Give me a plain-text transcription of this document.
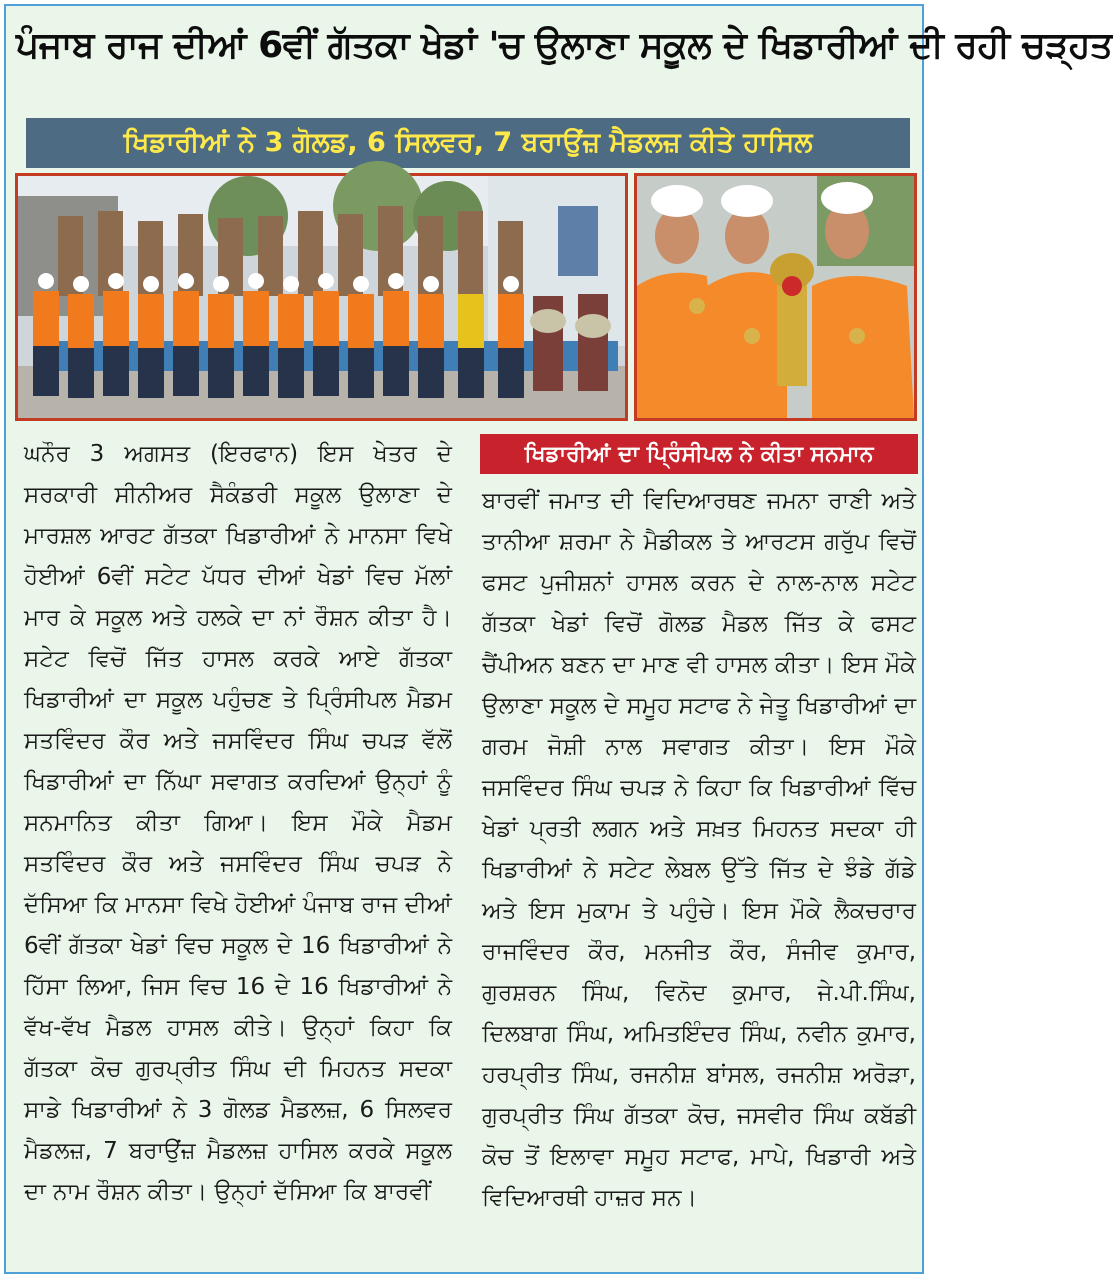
ਪੰਜਾਬ ਰਾਜ ਦੀਆਂ 6ਵੀਂ ਗੱਤਕਾ ਖੇਡਾਂ 'ਚ ਉਲਾਣਾ ਸਕੂਲ ਦੇ ਖਿਡਾਰੀਆਂ ਦੀ ਰਹੀ ਚੜ੍ਹਤ
ਖਿਡਾਰੀਆਂ ਨੇ 3 ਗੋਲਡ, 6 ਸਿਲਵਰ, 7 ਬਰਾਉਂਜ਼ ਮੈਡਲਜ਼ ਕੀਤੇ ਹਾਸਿਲ

ਘਨੌਰ 3 ਅਗਸਤ (ਇਰਫਾਨ) ਇਸ ਖੇਤਰ ਦੇ ਸਰਕਾਰੀ ਸੀਨੀਅਰ ਸੈਕੰਡਰੀ ਸਕੂਲ ਉਲਾਣਾ ਦੇ ਮਾਰਸ਼ਲ ਆਰਟ ਗੱਤਕਾ ਖਿਡਾਰੀਆਂ ਨੇ ਮਾਨਸਾ ਵਿਖੇ ਹੋਈਆਂ 6ਵੀਂ ਸਟੇਟ ਪੱਧਰ ਦੀਆਂ ਖੇਡਾਂ ਵਿਚ ਮੱਲਾਂ ਮਾਰ ਕੇ ਸਕੂਲ ਅਤੇ ਹਲਕੇ ਦਾ ਨਾਂ ਰੌਸ਼ਨ ਕੀਤਾ ਹੈ।ਸਟੇਟ ਵਿਚੋਂ ਜਿੱਤ ਹਾਸਲ ਕਰਕੇ ਆਏ ਗੱਤਕਾ ਖਿਡਾਰੀਆਂ ਦਾ ਸਕੂਲ ਪਹੁੰਚਣ ਤੇ ਪ੍ਰਿੰਸੀਪਲ ਮੈਡਮ ਸਤਵਿੰਦਰ ਕੌਰ ਅਤੇ ਜਸਵਿੰਦਰ ਸਿੰਘ ਚਪੜ ਵੱਲੋਂ ਖਿਡਾਰੀਆਂ ਦਾ ਨਿੱਘਾ ਸਵਾਗਤ ਕਰਦਿਆਂ ਉਨ੍ਹਾਂ ਨੂੰ ਸਨਮਾਨਿਤ ਕੀਤਾ ਗਿਆ। ਇਸ ਮੌਕੇ ਮੈਡਮ ਸਤਵਿੰਦਰ ਕੌਰ ਅਤੇ ਜਸਵਿੰਦਰ ਸਿੰਘ ਚਪੜ ਨੇ ਦੱਸਿਆ ਕਿ ਮਾਨਸਾ ਵਿਖੇ ਹੋਈਆਂ ਪੰਜਾਬ ਰਾਜ ਦੀਆਂ 6ਵੀਂ ਗੱਤਕਾ ਖੇਡਾਂ ਵਿਚ ਸਕੂਲ ਦੇ 16 ਖਿਡਾਰੀਆਂ ਨੇ ਹਿੱਸਾ ਲਿਆ, ਜਿਸ ਵਿਚ 16 ਦੇ 16 ਖਿਡਾਰੀਆਂ ਨੇ ਵੱਖ-ਵੱਖ ਮੈਡਲ ਹਾਸਲ ਕੀਤੇ। ਉਨ੍ਹਾਂ ਕਿਹਾ ਕਿ ਗੱਤਕਾ ਕੋਚ ਗੁਰਪ੍ਰੀਤ ਸਿੰਘ ਦੀ ਮਿਹਨਤ ਸਦਕਾ ਸਾਡੇ ਖਿਡਾਰੀਆਂ ਨੇ 3 ਗੋਲਡ ਮੈਡਲਜ਼, 6 ਸਿਲਵਰ ਮੈਡਲਜ਼, 7 ਬਰਾਉਂਜ਼ ਮੈਡਲਜ਼ ਹਾਸਿਲ ਕਰਕੇ ਸਕੂਲ ਦਾ ਨਾਮ ਰੌਸ਼ਨ ਕੀਤਾ। ਉਨ੍ਹਾਂ ਦੱਸਿਆ ਕਿ ਬਾਰਵੀਂ

ਖਿਡਾਰੀਆਂ ਦਾ ਪ੍ਰਿੰਸੀਪਲ ਨੇ ਕੀਤਾ ਸਨਮਾਨ

ਬਾਰਵੀਂ ਜਮਾਤ ਦੀ ਵਿਦਿਆਰਥਣ ਜਮਨਾ ਰਾਣੀ ਅਤੇ ਤਾਨੀਆ ਸ਼ਰਮਾ ਨੇ ਮੈਡੀਕਲ ਤੇ ਆਰਟਸ ਗਰੁੱਪ ਵਿਚੋਂ ਫਸਟ ਪੁਜੀਸ਼ਨਾਂ ਹਾਸਲ ਕਰਨ ਦੇ ਨਾਲ-ਨਾਲ ਸਟੇਟ ਗੱਤਕਾ ਖੇਡਾਂ ਵਿਚੋਂ ਗੋਲਡ ਮੈਡਲ ਜਿੱਤ ਕੇ ਫਸਟ ਚੈਂਪੀਅਨ ਬਣਨ ਦਾ ਮਾਣ ਵੀ ਹਾਸਲ ਕੀਤਾ। ਇਸ ਮੌਕੇ ਉਲਾਣਾ ਸਕੂਲ ਦੇ ਸਮੂਹ ਸਟਾਫ ਨੇ ਜੇਤੂ ਖਿਡਾਰੀਆਂ ਦਾ ਗਰਮ ਜੋਸ਼ੀ ਨਾਲ ਸਵਾਗਤ ਕੀਤਾ। ਇਸ ਮੌਕੇ ਜਸਵਿੰਦਰ ਸਿੰਘ ਚਪੜ ਨੇ ਕਿਹਾ ਕਿ ਖਿਡਾਰੀਆਂ ਵਿੱਚ ਖੇਡਾਂ ਪ੍ਰਤੀ ਲਗਨ ਅਤੇ ਸਖ਼ਤ ਮਿਹਨਤ ਸਦਕਾ ਹੀ ਖਿਡਾਰੀਆਂ ਨੇ ਸਟੇਟ ਲੇਬਲ ਉੱਤੇ ਜਿੱਤ ਦੇ ਝੰਡੇ ਗੱਡੇ ਅਤੇ ਇਸ ਮੁਕਾਮ ਤੇ ਪਹੁੰਚੇ। ਇਸ ਮੌਕੇ ਲੈਕਚਰਾਰ ਰਾਜਵਿੰਦਰ ਕੌਰ, ਮਨਜੀਤ ਕੌਰ, ਸੰਜੀਵ ਕੁਮਾਰ, ਗੁਰਸ਼ਰਨ ਸਿੰਘ, ਵਿਨੋਦ ਕੁਮਾਰ, ਜੇ.ਪੀ.ਸਿੰਘ, ਦਿਲਬਾਗ ਸਿੰਘ, ਅਮਿਤਇੰਦਰ ਸਿੰਘ, ਨਵੀਨ ਕੁਮਾਰ, ਹਰਪ੍ਰੀਤ ਸਿੰਘ, ਰਜਨੀਸ਼ ਬਾਂਸਲ, ਰਜਨੀਸ਼ ਅਰੋੜਾ, ਗੁਰਪ੍ਰੀਤ ਸਿੰਘ ਗੱਤਕਾ ਕੋਚ, ਜਸਵੀਰ ਸਿੰਘ ਕਬੱਡੀ ਕੋਚ ਤੋਂ ਇਲਾਵਾ ਸਮੂਹ ਸਟਾਫ, ਮਾਪੇ, ਖਿਡਾਰੀ ਅਤੇ ਵਿਦਿਆਰਥੀ ਹਾਜ਼ਰ ਸਨ।
